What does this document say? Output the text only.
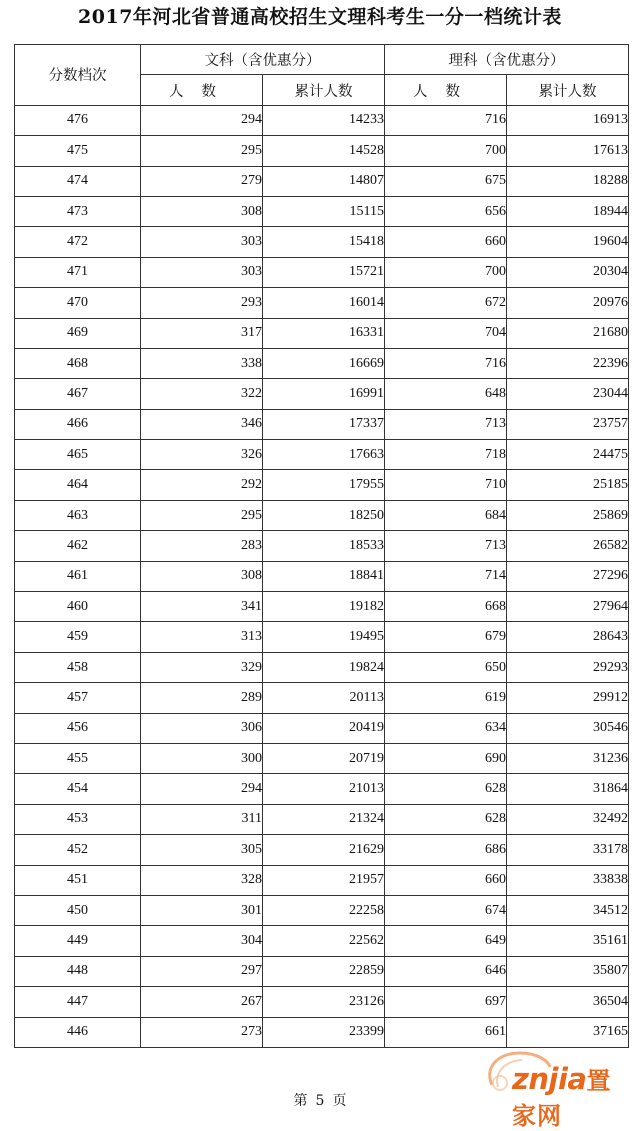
2017年河北省普通高校招生文理科考生一分一档统计表
分数档次	文科（含优惠分）		理科（含优惠分）	
	人数	累计人数	人数	累计人数
476	294	14233	716	16913
475	295	14528	700	17613
474	279	14807	675	18288
473	308	15115	656	18944
472	303	15418	660	19604
471	303	15721	700	20304
470	293	16014	672	20976
469	317	16331	704	21680
468	338	16669	716	22396
467	322	16991	648	23044
466	346	17337	713	23757
465	326	17663	718	24475
464	292	17955	710	25185
463	295	18250	684	25869
462	283	18533	713	26582
461	308	18841	714	27296
460	341	19182	668	27964
459	313	19495	679	28643
458	329	19824	650	29293
457	289	20113	619	29912
456	306	20419	634	30546
455	300	20719	690	31236
454	294	21013	628	31864
453	311	21324	628	32492
452	305	21629	686	33178
451	328	21957	660	33838
450	301	22258	674	34512
449	304	22562	649	35161
448	297	22859	646	35807
447	267	23126	697	36504
446	273	23399	661	37165
第 5 页
znjia置家网
